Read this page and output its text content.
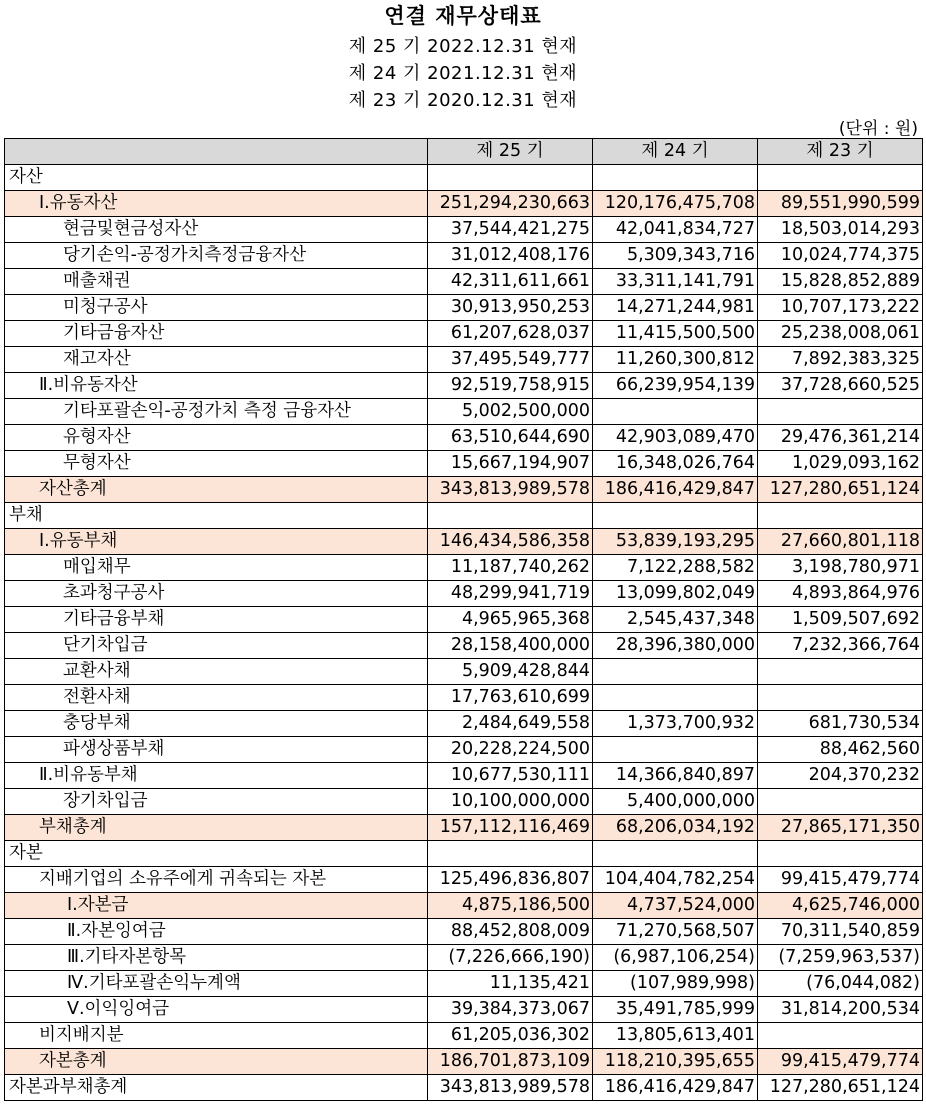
연결 재무상태표
제 25 기 2022.12.31 현재
제 24 기 2021.12.31 현재
제 23 기 2020.12.31 현재
(단위 : 원)
	제 25 기	제 24 기	제 23 기
자산			
Ⅰ.유동자산	251,294,230,663	120,176,475,708	89,551,990,599
현금및현금성자산	37,544,421,275	42,041,834,727	18,503,014,293
당기손익-공정가치측정금융자산	31,012,408,176	5,309,343,716	10,024,774,375
매출채권	42,311,611,661	33,311,141,791	15,828,852,889
미청구공사	30,913,950,253	14,271,244,981	10,707,173,222
기타금융자산	61,207,628,037	11,415,500,500	25,238,008,061
재고자산	37,495,549,777	11,260,300,812	7,892,383,325
Ⅱ.비유동자산	92,519,758,915	66,239,954,139	37,728,660,525
기타포괄손익-공정가치 측정 금융자산	5,002,500,000		
유형자산	63,510,644,690	42,903,089,470	29,476,361,214
무형자산	15,667,194,907	16,348,026,764	1,029,093,162
자산총계	343,813,989,578	186,416,429,847	127,280,651,124
부채			
Ⅰ.유동부채	146,434,586,358	53,839,193,295	27,660,801,118
매입채무	11,187,740,262	7,122,288,582	3,198,780,971
초과청구공사	48,299,941,719	13,099,802,049	4,893,864,976
기타금융부채	4,965,965,368	2,545,437,348	1,509,507,692
단기차입금	28,158,400,000	28,396,380,000	7,232,366,764
교환사채	5,909,428,844		
전환사채	17,763,610,699		
충당부채	2,484,649,558	1,373,700,932	681,730,534
파생상품부채	20,228,224,500		88,462,560
Ⅱ.비유동부채	10,677,530,111	14,366,840,897	204,370,232
장기차입금	10,100,000,000	5,400,000,000	
부채총계	157,112,116,469	68,206,034,192	27,865,171,350
자본			
지배기업의 소유주에게 귀속되는 자본	125,496,836,807	104,404,782,254	99,415,479,774
Ⅰ.자본금	4,875,186,500	4,737,524,000	4,625,746,000
Ⅱ.자본잉여금	88,452,808,009	71,270,568,507	70,311,540,859
Ⅲ.기타자본항목	(7,226,666,190)	(6,987,106,254)	(7,259,963,537)
Ⅳ.기타포괄손익누계액	11,135,421	(107,989,998)	(76,044,082)
Ⅴ.이익잉여금	39,384,373,067	35,491,785,999	31,814,200,534
비지배지분	61,205,036,302	13,805,613,401	
자본총계	186,701,873,109	118,210,395,655	99,415,479,774
자본과부채총계	343,813,989,578	186,416,429,847	127,280,651,124
